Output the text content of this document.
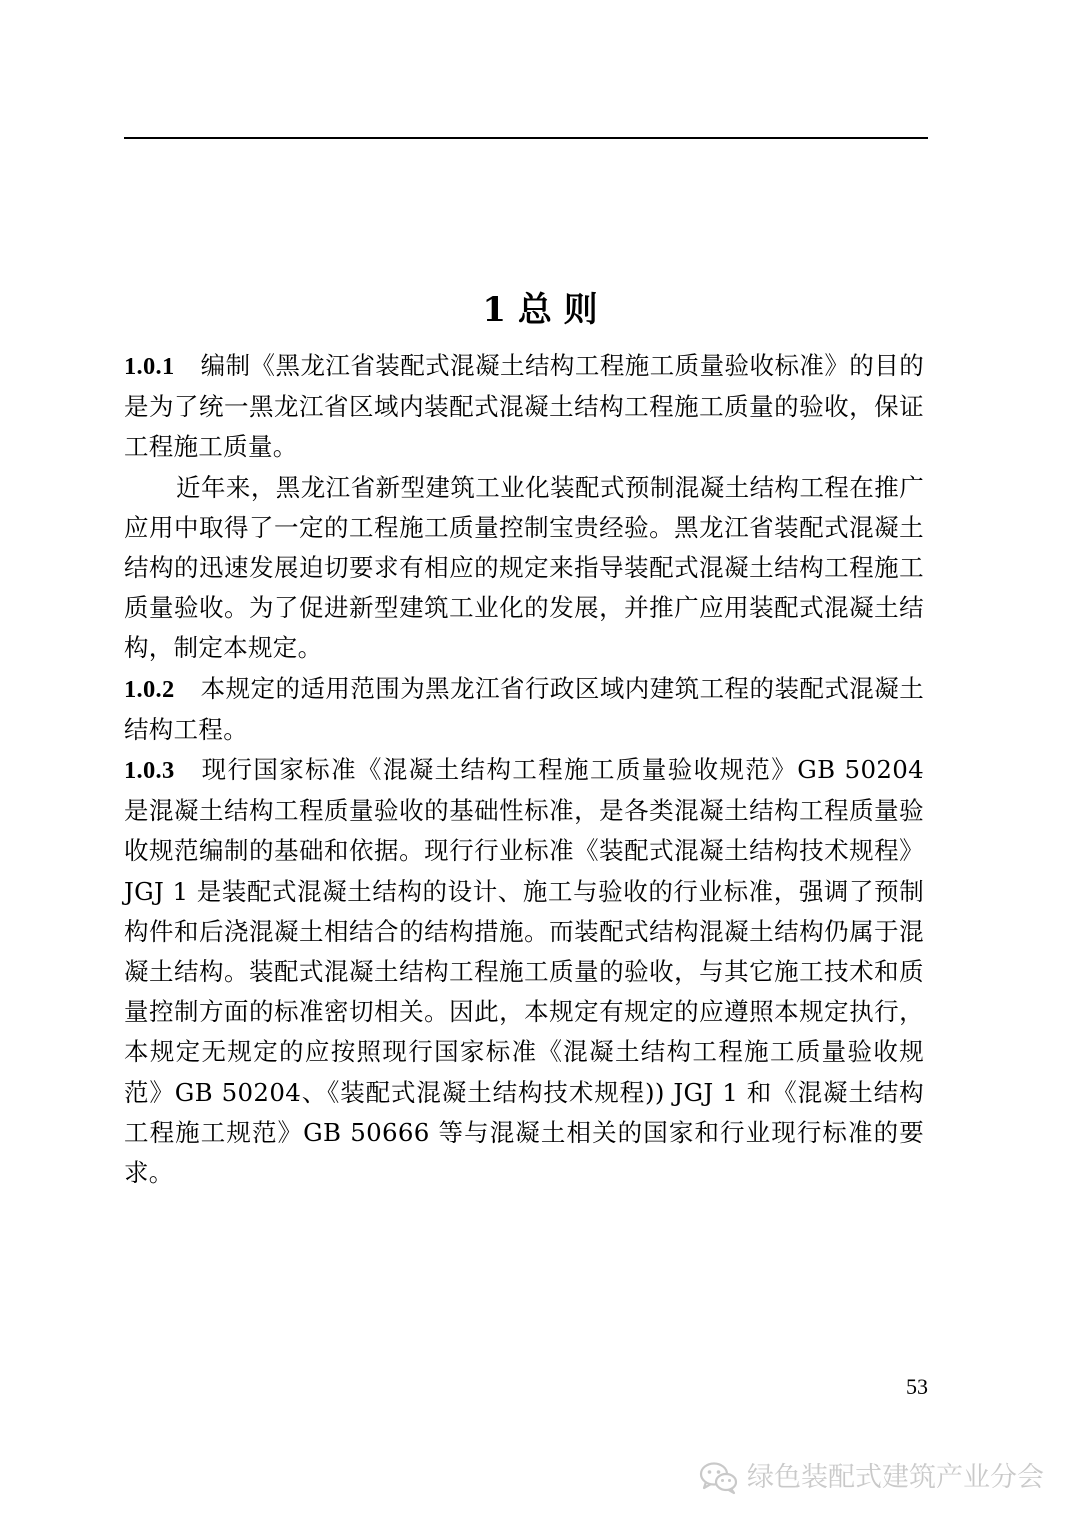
1 总 则

1.0.1 编制《黑龙江省装配式混凝土结构工程施工质量验收标准》的目的是为了统一黑龙江省区域内装配式混凝土结构工程施工质量的验收，保证工程施工质量。

近年来，黑龙江省新型建筑工业化装配式预制混凝土结构工程在推广应用中取得了一定的工程施工质量控制宝贵经验。黑龙江省装配式混凝土结构的迅速发展迫切要求有相应的规定来指导装配式混凝土结构工程施工质量验收。为了促进新型建筑工业化的发展，并推广应用装配式混凝土结构，制定本规定。

1.0.2 本规定的适用范围为黑龙江省行政区域内建筑工程的装配式混凝土结构工程。

1.0.3 现行国家标准《混凝土结构工程施工质量验收规范》GB 50204 是混凝土结构工程质量验收的基础性标准，是各类混凝土结构工程质量验收规范编制的基础和依据。现行行业标准《装配式混凝土结构技术规程》JGJ 1 是装配式混凝土结构的设计、施工与验收的行业标准，强调了预制构件和后浇混凝土相结合的结构措施。而装配式结构混凝土结构仍属于混凝土结构。装配式混凝土结构工程施工质量的验收，与其它施工技术和质量控制方面的标准密切相关。因此，本规定有规定的应遵照本规定执行，本规定无规定的应按照现行国家标准《混凝土结构工程施工质量验收规范》GB 50204、《装配式混凝土结构技术规程)) JGJ 1 和《混凝土结构工程施工规范》GB 50666 等与混凝土相关的国家和行业现行标准的要求。

53
绿色装配式建筑产业分会
